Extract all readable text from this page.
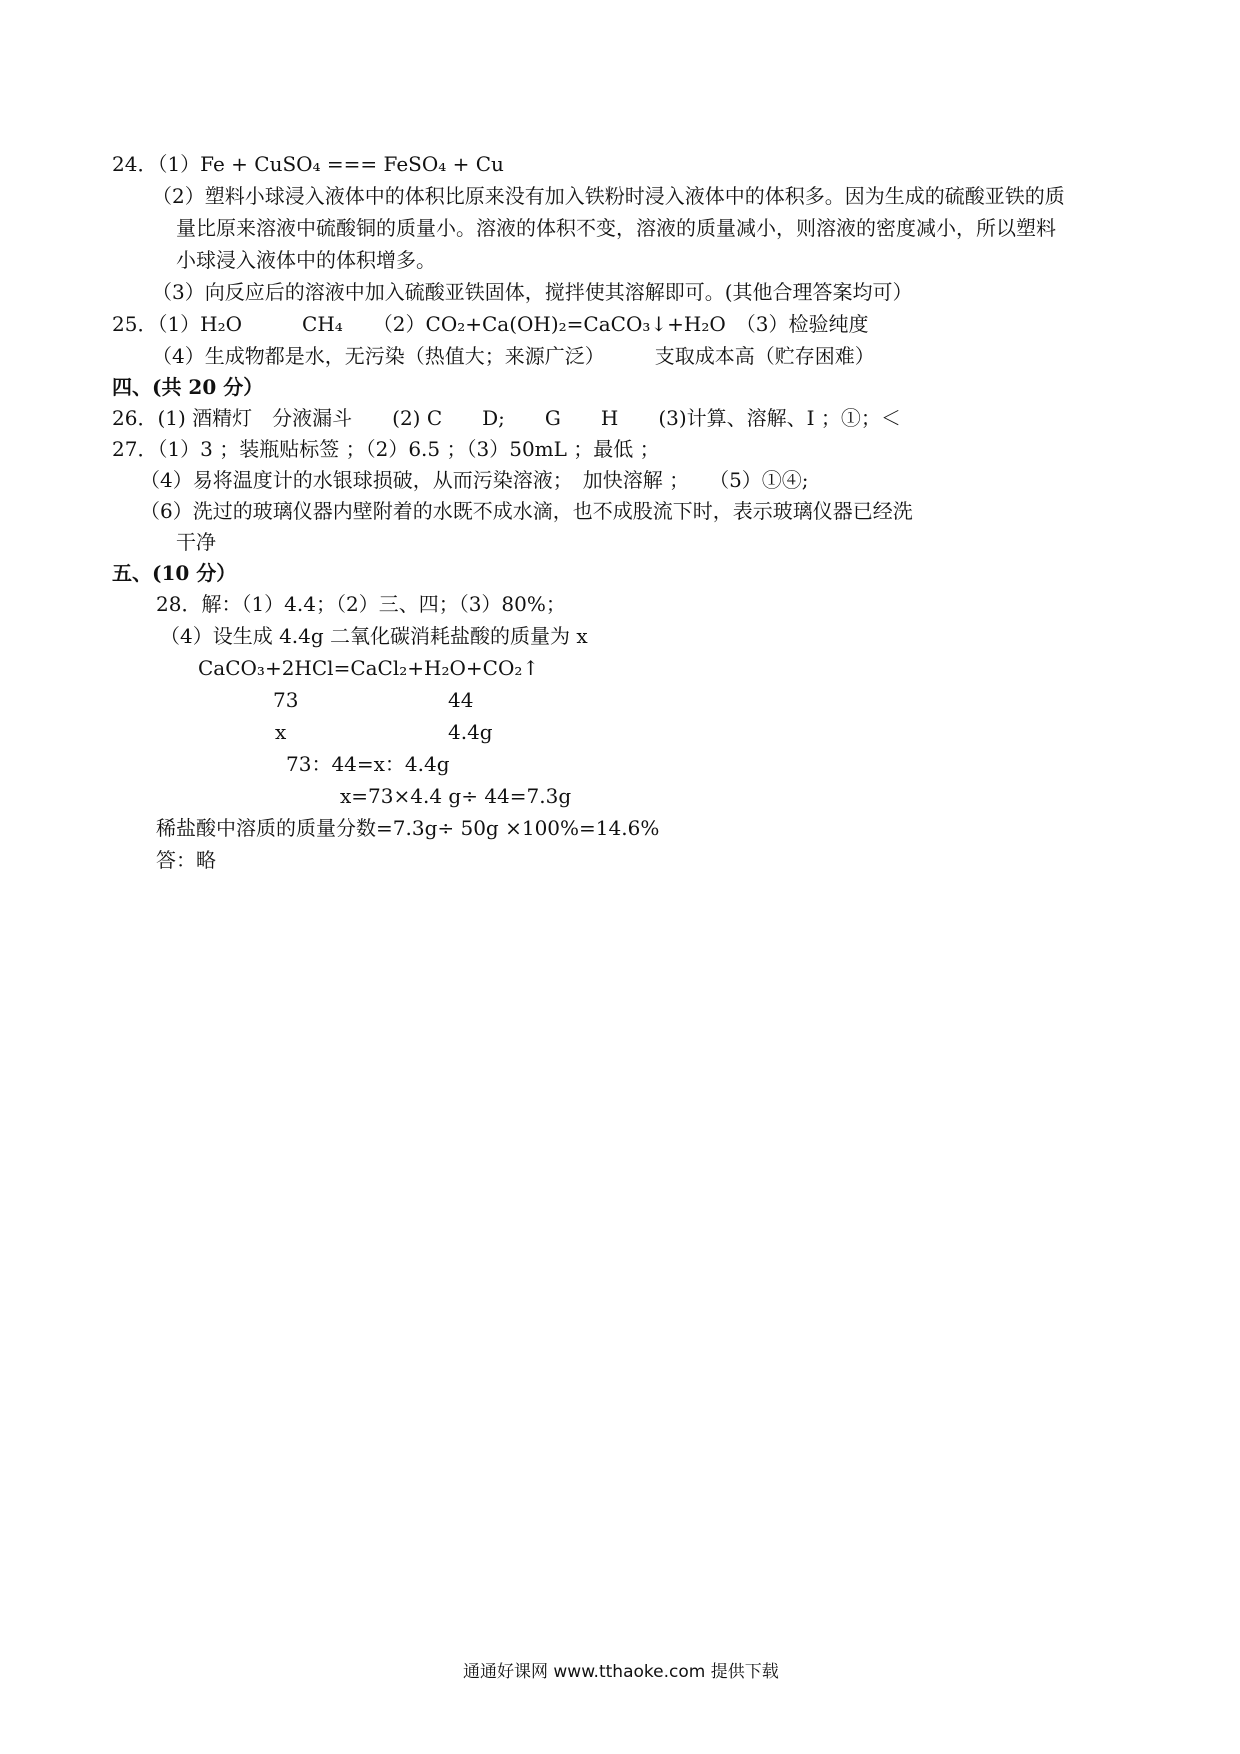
24．（1）Fe + CuSO₄ === FeSO₄ + Cu
（2）塑料小球浸入液体中的体积比原来没有加入铁粉时浸入液体中的体积多。因为生成的硫酸亚铁的质
量比原来溶液中硫酸铜的质量小。溶液的体积不变，溶液的质量减小，则溶液的密度减小，所以塑料
小球浸入液体中的体积增多。
（3）向反应后的溶液中加入硫酸亚铁固体，搅拌使其溶解即可。(其他合理答案均可）
25．（1）H₂O　　　CH₄　　（2）CO₂+Ca(OH)₂=CaCO₃↓+H₂O　（3）检验纯度
（4）生成物都是水，无污染（热值大；来源广泛）　　　支取成本高（贮存困难）
四、(共 20 分）
26．(1) 酒精灯　分液漏斗　　(2) C　　D;　　G　　H　　(3)计算、溶解、I ；①；＜
27．（1）3 ；装瓶贴标签 ；（2）6.5 ；（3）50mL ；最低 ；
（4）易将温度计的水银球损破，从而污染溶液；　加快溶解 ；　　（5）①④;
（6）洗过的玻璃仪器内壁附着的水既不成水滴，也不成股流下时，表示玻璃仪器已经洗
干净
五、(10 分）
28．解：（1）4.4；（2）三、四；（3）80%；
（4）设生成 4.4g 二氧化碳消耗盐酸的质量为 x
CaCO₃+2HCl=CaCl₂+H₂O+CO₂↑
73	44
x	4.4g
73：44=x：4.4g
x=73×4.4 g÷ 44=7.3g
稀盐酸中溶质的质量分数=7.3g÷ 50g ×100%=14.6%
答：略
通通好课网 www.tthaoke.com 提供下载
